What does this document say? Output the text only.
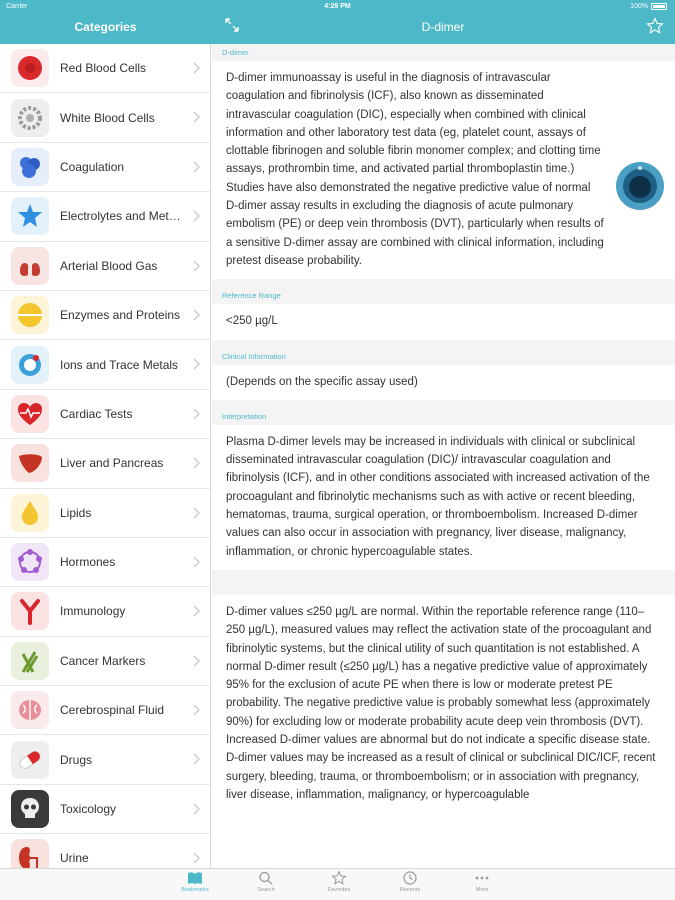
Carrier	4:29 PM	100%
Categories	D-dimer
Red Blood Cells
White Blood Cells
Coagulation
Electrolytes and Met…
Arterial Blood Gas
Enzymes and Proteins
Ions and Trace Metals
Cardiac Tests
Liver and Pancreas
Lipids
Hormones
Immunology
Cancer Markers
Cerebrospinal Fluid
Drugs
Toxicology
Urine
D-dimer
D-dimer immunoassay is useful in the diagnosis of intravascular coagulation and fibrinolysis (ICF), also known as disseminated intravascular coagulation (DIC), especially when combined with clinical information and other laboratory test data (eg, platelet count, assays of clottable fibrinogen and soluble fibrin monomer complex; and clotting time assays, prothrombin time, and activated partial thromboplastin time.) Studies have also demonstrated the negative predictive value of normal D-dimer assay results in excluding the diagnosis of acute pulmonary embolism (PE) or deep vein thrombosis (DVT), particularly when results of a sensitive D-dimer assay are combined with clinical information, including pretest disease probability.
Reference Range
<250 µg/L
Clinical Information
(Depends on the specific assay used)
Interpretation
Plasma D-dimer levels may be increased in individuals with clinical or subclinical disseminated intravascular coagulation (DIC)/ intravascular coagulation and fibrinolysis (ICF), and in other conditions associated with increased activation of the procoagulant and fibrinolytic mechanisms such as with active or recent bleeding, hematomas, trauma, surgical operation, or thromboembolism. Increased D-dimer values can also occur in association with pregnancy, liver disease, malignancy, inflammation, or chronic hypercoagulable states.
D-dimer values ≤250 µg/L are normal. Within the reportable reference range (110–250 µg/L), measured values may reflect the activation state of the procoagulant and fibrinolytic systems, but the clinical utility of such quantitation is not established. A normal D-dimer result (≤250 µg/L) has a negative predictive value of approximately 95% for the exclusion of acute PE when there is low or moderate pretest PE probability. The negative predictive value is probably somewhat less (approximately 90%) for excluding low or moderate probability acute deep vein thrombosis (DVT). Increased D-dimer values are abnormal but do not indicate a specific disease state. D-dimer values may be increased as a result of clinical or subclinical DIC/ICF, recent surgery, bleeding, trauma, or thromboembolism; or in association with pregnancy, liver disease, inflammation, malignancy, or hypercoagulable
Bookmarks	Search	Favorites	Recents	More
